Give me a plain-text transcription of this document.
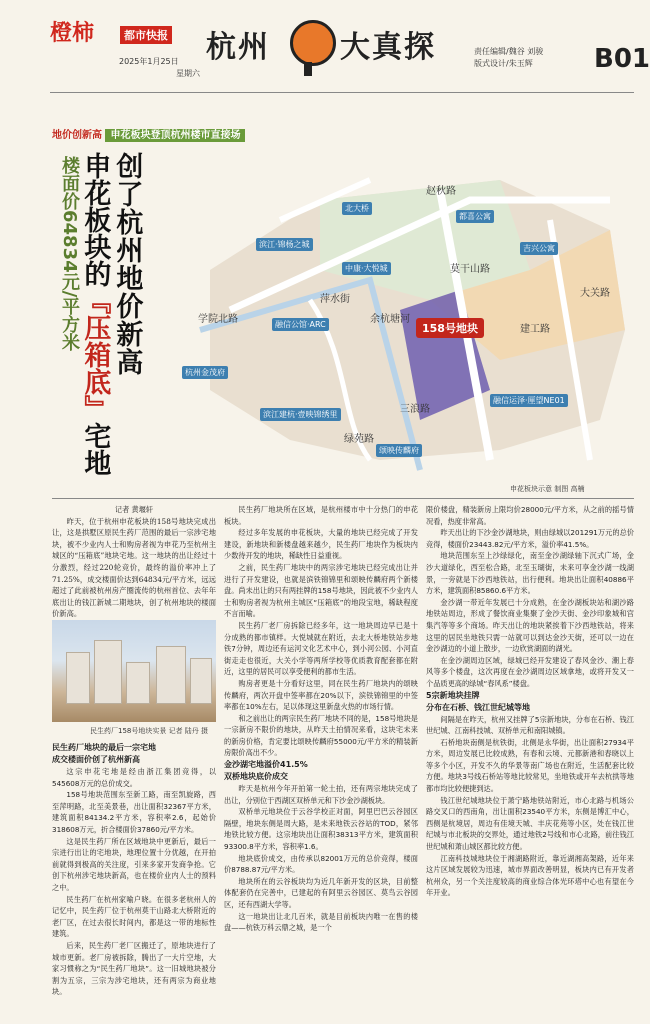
橙柿	都市快报
2025年1月25日
星期六
杭州 大真探	责任编辑/魏谷 刘骏
版式设计/朱玉辉 B01
地价创新高 申花板块登顶杭州楼市直接场
创了杭州地价新高
申花板块的『压箱底』宅地
楼面价64834元/平方米	北大桥
滨江·锦杨之城
都喜公寓
中康·大悦城
吉兴公寓
融信公馆·ARC
杭州金茂府
滨江建杭·壹映锦绣里
融信运泽·厘望NE01
颂映传麟府
赵秋路
学院北路
萍水街
余杭塘河
莫干山路
建工路
大关路
绿苑路
三浪路
158号地块
申花板块示意 制图 高楠
记者 黄堰轩
昨天，位于杭州申花板块的158号地块完成出让，这是拱墅区原民生药厂范围的最后一宗涉宅地块，被不少业内人士和购房者视为申花乃至杭州主城区的“压箱底”地块宅地。这一地块的出让经过十分激烈，经过220轮竞价，最终的溢价率冲上了71.25%，成交楼面价达到64834元/平方米，远远超过了此前被杭州房产圈流传的杭州首位、去年年底出让的钱江新城二期地块，创了杭州地块的楼面价新高。
民生药厂158号地块实景 记者 陆丹 摄

民生药厂地块的最后一宗宅地

成交楼面价创了杭州新高

这宗申花宅地是经由浙江集团竞得，以545608万元的总价成交。

158号地块范围东至新工路，南至凯旋路，西至萍明路，北至美景巷，出让面积32367平方米，建筑面积84134.2平方米，容积率2.6，起始价318608万元，折合楼面价37860元/平方米。

这是民生药厂所在区域地块中更新后，最后一宗进行出让的宅地块，地理位置十分优越，在开拍前就得到极高的关注度，引来多家开发商争抢。它创下杭州涉宅地块新高，也在楼价业内人士的预料之中。

民生药厂在杭州家喻户晓。在很多老杭州人的记忆中，民生药厂位于杭州莫干山路北大桥附近的老厂区，在过去很长时间内，都是这一带的地标性建筑。

后来，民生药厂老厂区搬迁了，原地块进行了城市更新。老厂房被拆除，腾出了一大片空地，大家习惯称之为“民生药厂地块”。这一旧城地块被分割为五宗，三宗为涉宅地块，还有两宗为商业地块。

民生药厂地块所在区域，是杭州楼市中十分热门的申花板块。

经过多年发展的申花板块，大量的地块已经完成了开发建设，新地块和新楼盘越来越少，民生药厂地块作为板块内少数待开发的地块，稀缺性日益重视。

之前，民生药厂地块中的两宗涉宅地块已经完成出让并进行了开发建设，也就是滨铁锦锦里和颂映传麟府两个新楼盘。尚未出让的只有两挂牌的158号地块，因此被不少业内人士和购房者视为杭州主城区“压箱底”的地段宝地，稀缺程度不言而喻。

民生药厂老厂房拆除已经多年，这一地块周边早已是十分成熟的都市镇样。大悦城就在附近，去北大桥地铁站步地铁7分钟，周边还有运河文化艺术中心，到小河公园、小河直街走走也很近，大关小学等两所学校等优质教育配套都在附近，这里的居民可以享受便利的都市生活。

购房者更是十分看好这里，同在民生药厂地块内的颂映传麟府，两次开盘中签率都在20%以下，滨铁锦锦里的中签率都在10%左右，足以体现这里新盘火热的市场行情。

和之前出让的两宗民生药厂地块不同的是，158号地块是一宗新房不限价的地块，从昨天土拍情况来看，这块宅未来的新房价格，肯定要比颂映传麟府55000元/平方米的精装新房限价高出不少。

金沙湖宅地溢价41.5%

双桥地块底价成交

昨天是杭州今年开拍第一轮土拍，还有两宗地块完成了出让，分别位于西湖区双桥单元和下沙金沙湖板块。

双桥单元地块位于云谷学校正对面，阿里巴巴云谷园区隔壁，地块东侧是周大路，是未来地铁云谷站的TOD，紧邻地铁比较方便。这宗地块出让面积38313平方米，建筑面积93300.8平方米，容积率1.6。

地块底价成交，由传承以82001万元的总价竞得，楼面价8788.87元/平方米。

地块所在的云谷板块均为近几年新开发的区块，目前整体配套仍在完善中，已建起的有阿里云谷园区、莫鸟云谷园区，还有西湖大学等。

这一地块出让北几百米，就是目前板块内唯一在售的楼盘——杭铁万科云鼎之城，是一个

限价楼盘，精装新房上限均价28000元/平方米，从之前的摇号情况看，热度非常高。

昨天出让的下沙金沙湖地块，则由绿城以201291万元的总价竞得，楼面价23443.82元/平方米，溢价率41.5%。

地块范围东至上沙绿绿化，南至金沙湖绿轴下沉式广场，金沙大道绿化，西至松合路，北至玉瑚街，未来可享金沙湖一线湖景，一旁就是下沙西地铁站，出行便利。地块出让面积40886平方米，建筑面积85860.6平方米。

金沙湖一带近年发展已十分成熟，在金沙湖板块站和湖沙路地铁站周边，形成了餐饮商业集聚了金沙天街、金沙印象城和宫集汽等等多个商场。昨天出让的地块紧挨着下沙西地铁站，将来这里的居民坐地铁只需一站就可以到达金沙天街，还可以一边在金沙湖边的小道上散步，一边欣赏湖面的湖光。

在金沙湖周边区域，绿城已经开发建设了春风金沙、潮上春风等多个楼盘，这次再度在金沙湖周边区域拿地，或将开发又一个品质更高的绿城“春风系”楼盘。

5宗新地块挂牌

分布在石桥、钱江世纪城等地

间隔是在昨天，杭州又挂牌了5宗新地块，分布在石桥、钱江世纪城、江南科技城、双桥单元和南阳城镇。

石桥地块南侧是杭铁街，北侧是永华街，出让面积27934平方米，周边发展已比较成熟，有春和云境、元都新港和春晓以上等多个小区，开发不久的华景等南广场也在附近，生活配套比较方便。地块3号线石桥站等地比较常见，坐地铁或开车去杭拱等地都市均比较便捷到达。

钱江世纪城地块位于萧宁路地铁站附近，市心北路与机场公路交叉口的西南角，出让面积23540平方米，东侧是博汇中心，西侧是杭境居，周边有佳境天城、丰庆花苑等小区，处在钱江世纪城与市北板块的交界处，通过地铁2号线和市心北路，前往钱江世纪城和萧山城区都比较方便。

江南科技城地块位于湘湖路附近，靠近湖湘高架路，近年来这片区域发展较为迅速，城市界面改善明显，板块内已有开发者杭州众，另一个关注度较高的商业综合体光环塔中心也有望在今年开业。
